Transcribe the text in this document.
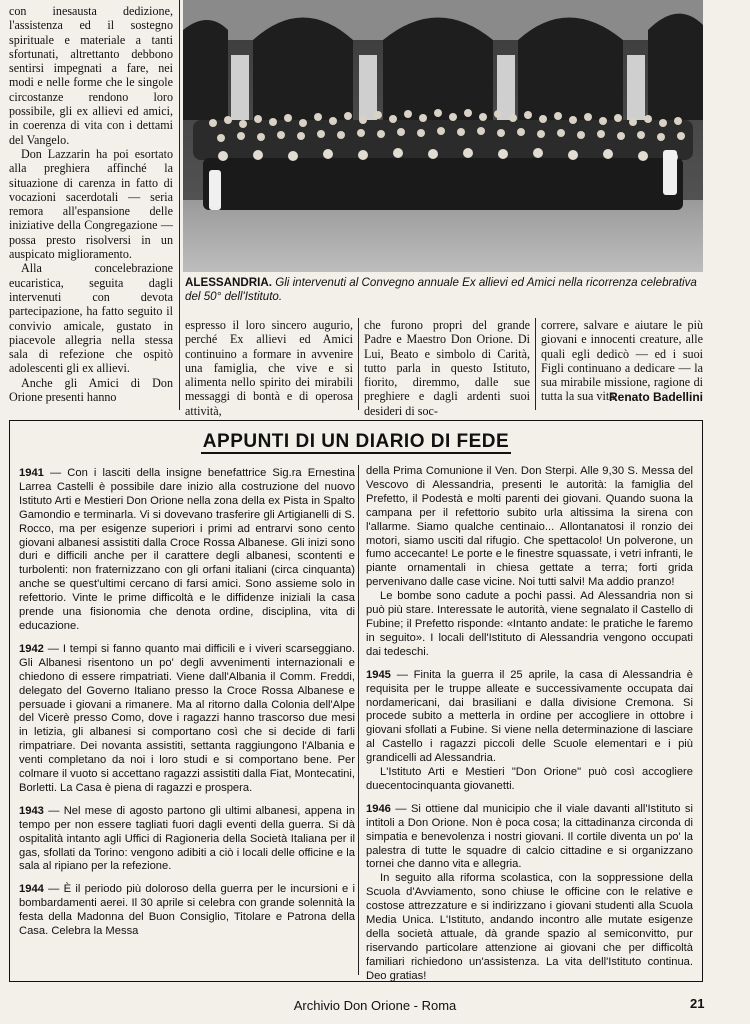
con inesausta dedizione, l'assistenza ed il sostegno spirituale e materiale a tanti sfortunati, altrettanto debbono sentirsi impegnati a fare, nei modi e nelle forme che le singole circostanze rendono loro possibile, gli ex allievi ed amici, in coerenza di vita con i dettami del Vangelo.

Don Lazzarin ha poi esortato alla preghiera affinché la situazione di carenza in fatto di vocazioni sacerdotali — seria remora all'espansione delle iniziative della Congregazione — possa presto risolversi in un auspicato miglioramento.

Alla concelebrazione eucaristica, seguita dagli intervenuti con devota partecipazione, ha fatto seguito il conviviо amicale, gustato in piacevole allegria nella stessa sala di refezione che ospitò adolescenti gli ex allievi.

Anche gli Amici di Don Orione presenti hanno

ALESSANDRIA. Gli intervenuti al Convegno annuale Ex allievi ed Amici nella ricorrenza celebrativa del 50° dell'Istituto.

espresso il loro sincero augurio, perché Ex allievi ed Amici continuino a formare in avvenire una famiglia, che vive e si alimenta nello spirito dei mirabili messaggi di bontà e di operosa attività,

che furono propri del grande Padre e Maestro Don Orione. Di Lui, Beato e simbolo di Carità, tutto parla in questo Istituto, fiorito, diremmo, dalle sue preghiere e dagli ardenti suoi desideri di soc-

correre, salvare e aiutare le più giovani e innocenti creature, alle quali egli dedicò — ed i suoi Figli continuano a dedicare — la sua mirabile missione, ragione di tutta la sua vita.

Renato Badellini
APPUNTI DI UN DIARIO DI FEDE

1941 — Con i lasciti della insigne benefattrice Sig.ra Ernestina Larrea Castelli è possibile dare inizio alla costruzione del nuovo Istituto Arti e Mestieri Don Orione nella zona della ex Pista in Spalto Gamondio e terminarla. Vi si dovevano trasferire gli Artigianelli di S. Rocco, ma per esigenze superiori i primi ad entrarvi sono cento giovani albanesi assistiti dalla Croce Rossa Albanese. Gli inizi sono duri e difficili anche per il carattere degli albanesi, scontenti e turbolenti: non fraternizzano con gli orfani italiani (circa cinquanta) anche se quest'ultimi cercano di farsi amici. Sono assieme solo in refettorio. Vinte le prime difficoltà e le diffidenze iniziali la casa prende una fisionomia che denota ordine, disciplina, vita di educazione.

1942 — I tempi si fanno quanto mai difficili e i viveri scarseggiano. Gli Albanesi risentono un po' degli avvenimenti internazionali e chiedono di essere rimpatriati. Viene dall'Albania il Comm. Freddi, delegato del Governo Italiano presso la Croce Rossa Albanese e persuade i giovani a rimanere. Ma al ritorno dalla Colonia dell'Alpe del Vicerè presso Como, dove i ragazzi hanno trascorso due mesi in letizia, gli albanesi si comportano così che si decide di farli rimpatriare. Dei novanta assistiti, settanta raggiungono l'Albania e venti completano da noi i loro studi e si comportano bene. Per colmare il vuoto si accettano ragazzi assistiti dalla Fiat, Montecatini, Borletti. La Casa è piena di ragazzi e prospera.

1943 — Nel mese di agosto partono gli ultimi albanesi, appena in tempo per non essere tagliati fuori dagli eventi della guerra. Si dà ospitalità intanto agli Uffici di Ragioneria della Società Italiana per il gas, sfollati da Torino: vengono adibiti a ciò i locali delle officine e la sala al ripiano per la refezione.

1944 — È il periodo più doloroso della guerra per le incursioni e i bombardamenti aerei. Il 30 aprile si celebra con grande solennità la festa della Madonna del Buon Consiglio, Titolare e Patrona della Casa. Celebra la Messa

della Prima Comunione il Ven. Don Sterpi. Alle 9,30 S. Messa del Vescovo di Alessandria, presenti le autorità: la famiglia del Prefetto, il Podestà e molti parenti dei giovani. Quando suona la campana per il refettorio subito urla altissima la sirena con l'allarme. Siamo qualche centinaio... Allontanatosi il ronzio dei motori, siamo usciti dal rifugio. Che spettacolo! Un polverone, un fumo accecante! Le porte e le finestre squassate, i vetri infranti, le piante ornamentali in chiesa gettate a terra; forti grida pervenivano dalle case vicine. Noi tutti salvi! Ma addio pranzo!

Le bombe sono cadute a pochi passi. Ad Alessandria non si può più stare. Interessate le autorità, viene segnalato il Castello di Fubine; il Prefetto risponde: «Intanto andate: le pratiche le faremo in seguito». I locali dell'Istituto di Alessandria vengono occupati dai tedeschi.

1945 — Finita la guerra il 25 aprile, la casa di Alessandria è requisita per le truppe alleate e successivamente occupata dai nordamericani, dai brasiliani e dalla divisione Cremona. Si procede subito a metterla in ordine per accogliere in ottobre i giovani sfollati a Fubine. Si viene nella determinazione di lasciare al Castello i ragazzi piccoli delle Scuole elementari e i più grandicelli ad Alessandria.

L'Istituto Arti e Mestieri "Don Orione" può così accogliere duecentocinquanta giovanetti.

1946 — Si ottiene dal municipio che il viale davanti all'Istituto si intitoli a Don Orione. Non è poca cosa; la cittadinanza circonda di simpatia e benevolenza i nostri giovani. Il cortile diventa un po' la palestra di tutte le squadre di calcio cittadine e si organizzano tornei che danno vita e allegria.

In seguito alla riforma scolastica, con la soppressione della Scuola d'Avviamento, sono chiuse le officine con le relative e costose attrezzature e si indirizzano i giovani studenti alla Scuola Media Unica. L'Istituto, andando incontro alle mutate esigenze della società attuale, dà grande spazio al semiconvitto, pur riservando particolare attenzione ai giovani che per difficoltà familiari richiedono un'assistenza. La vita dell'Istituto continua. Deo gratias!

Archivio Don Orione - Roma	21
